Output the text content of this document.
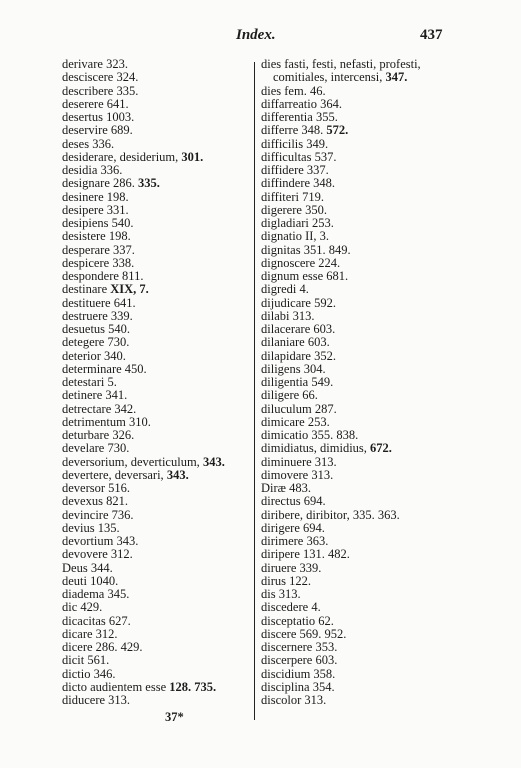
Index.	437
derivare 323.
desciscere 324.
describere 335.
deserere 641.
desertus 1003.
deservire 689.
deses 336.
desiderare, desiderium, 301.
desidia 336.
designare 286. 335.
desinere 198.
desipere 331.
desipiens 540.
desistere 198.
desperare 337.
despicere 338.
despondere 811.
destinare XIX, 7.
destituere 641.
destruere 339.
desuetus 540.
detegere 730.
deterior 340.
determinare 450.
detestari 5.
detinere 341.
detrectare 342.
detrimentum 310.
deturbare 326.
develare 730.
deversorium, deverticulum, 343.
devertere, deversari, 343.
deversor 516.
devexus 821.
devincire 736.
devius 135.
devortium 343.
devovere 312.
Deus 344.
deuti 1040.
diadema 345.
dic 429.
dicacitas 627.
dicare 312.
dicere 286. 429.
dicit 561.
dictio 346.
dicto audientem esse 128. 735.
diducere 313.
dies fasti, festi, nefasti, profesti,
comitiales, intercensi, 347.
dies fem. 46.
diffarreatio 364.
differentia 355.
differre 348. 572.
difficilis 349.
difficultas 537.
diffidere 337.
diffindere 348.
diffiteri 719.
digerere 350.
digladiari 253.
dignatio II, 3.
dignitas 351. 849.
dignoscere 224.
dignum esse 681.
digredi 4.
dijudicare 592.
dilabi 313.
dilacerare 603.
dilaniare 603.
dilapidare 352.
diligens 304.
diligentia 549.
diligere 66.
diluculum 287.
dimicare 253.
dimicatio 355. 838.
dimidiatus, dimidius, 672.
diminuere 313.
dimovere 313.
Diræ 483.
directus 694.
diribere, diribitor, 335. 363.
dirigere 694.
dirimere 363.
diripere 131. 482.
diruere 339.
dirus 122.
dis 313.
discedere 4.
disceptatio 62.
discere 569. 952.
discernere 353.
discerpere 603.
discidium 358.
disciplina 354.
discolor 313.
37*
